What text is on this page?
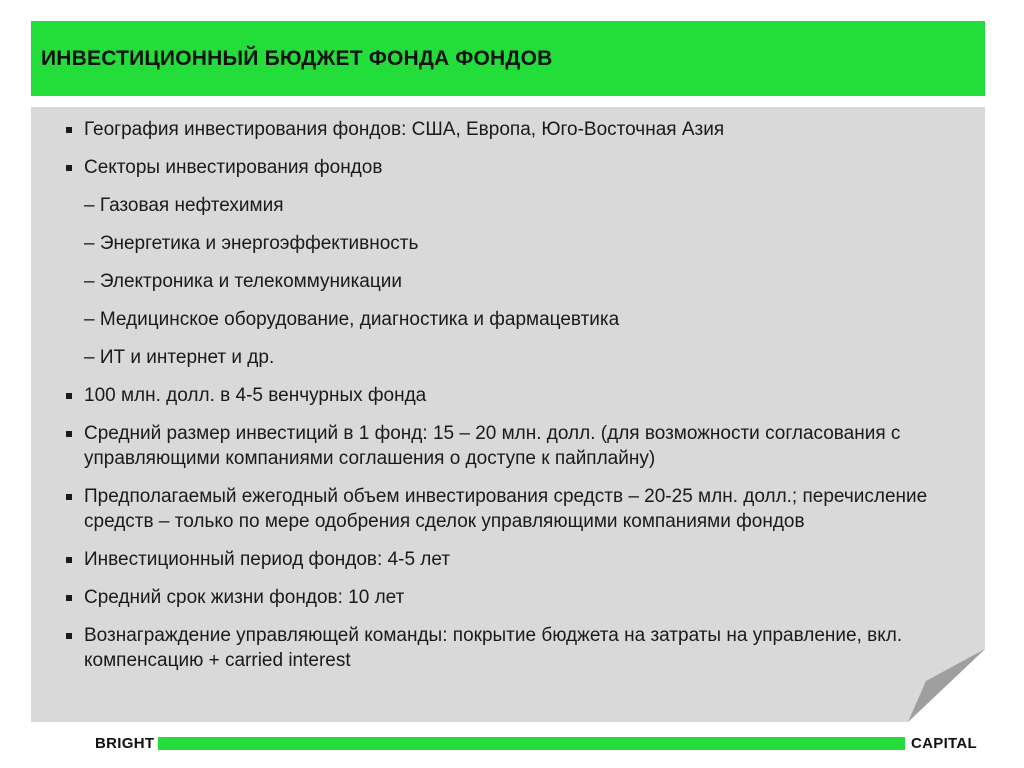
ИНВЕСТИЦИОННЫЙ БЮДЖЕТ ФОНДА ФОНДОВ
География инвестирования фондов: США, Европа, Юго-Восточная Азия
Секторы инвестирования фондов
– Газовая нефтехимия
– Энергетика и энергоэффективность
– Электроника и телекоммуникации
– Медицинское оборудование, диагностика и фармацевтика
– ИТ и интернет и др.
100 млн. долл. в 4-5 венчурных фонда
Средний размер инвестиций в 1 фонд: 15 – 20 млн. долл. (для возможности согласования с управляющими компаниями соглашения о доступе к пайплайну)
Предполагаемый ежегодный объем инвестирования средств – 20-25 млн. долл.; перечисление средств – только по мере одобрения сделок управляющими компаниями фондов
Инвестиционный период фондов: 4-5 лет
Средний срок жизни фондов: 10 лет
Вознаграждение управляющей команды: покрытие бюджета на затраты на управление, вкл. компенсацию + carried interest
BRIGHT	CAPITAL
